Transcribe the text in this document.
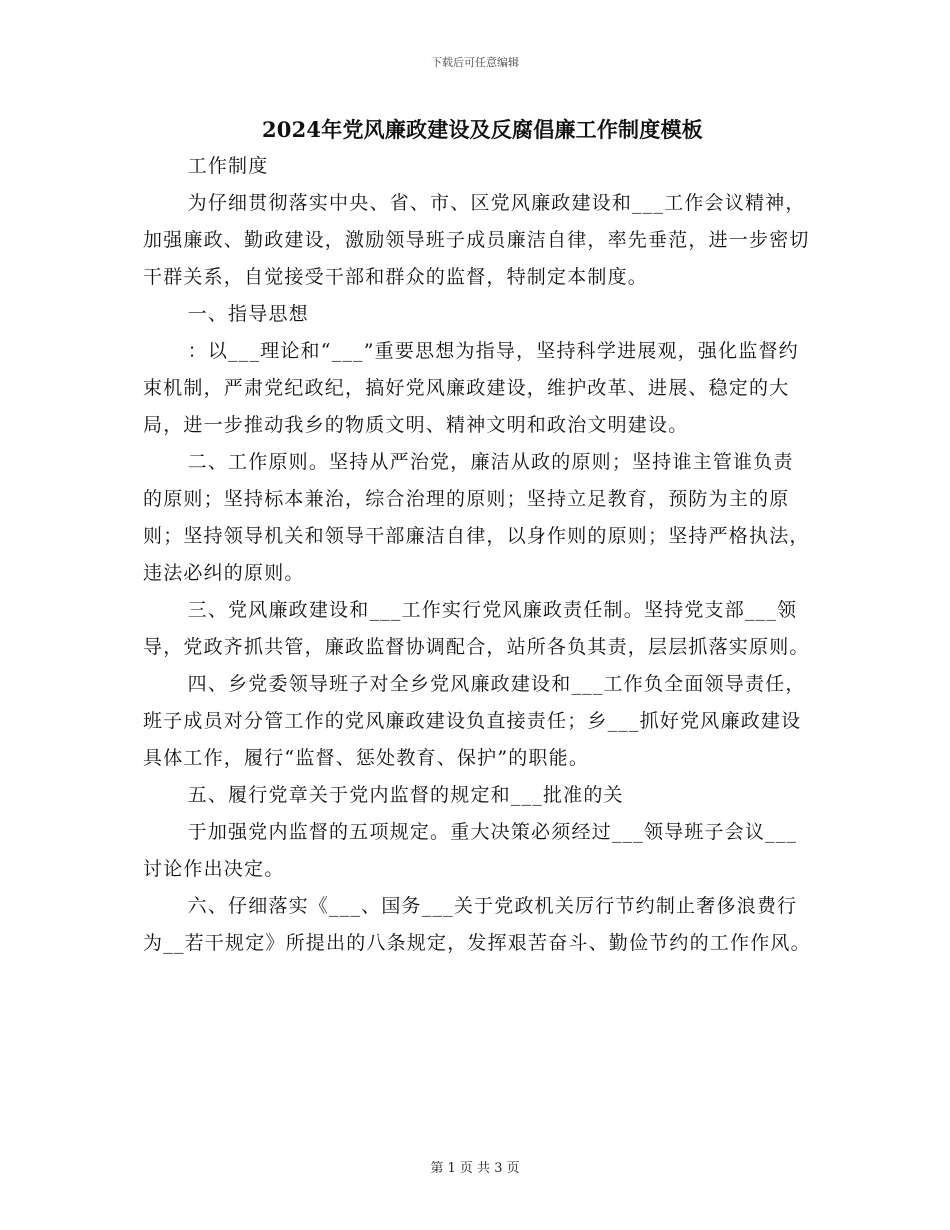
下载后可任意编辑
2024年党风廉政建设及反腐倡廉工作制度模板

工作制度

为仔细贯彻落实中央、省、市、区党风廉政建设和___工作会议精神，加强廉政、勤政建设，激励领导班子成员廉洁自律，率先垂范，进一步密切干群关系，自觉接受干部和群众的监督，特制定本制度。

一、指导思想

：以___理论和“___”重要思想为指导，坚持科学进展观，强化监督约束机制，严肃党纪政纪，搞好党风廉政建设，维护改革、进展、稳定的大局，进一步推动我乡的物质文明、精神文明和政治文明建设。

二、工作原则。坚持从严治党，廉洁从政的原则；坚持谁主管谁负责的原则；坚持标本兼治，综合治理的原则；坚持立足教育，预防为主的原则；坚持领导机关和领导干部廉洁自律，以身作则的原则；坚持严格执法，违法必纠的原则。

三、党风廉政建设和___工作实行党风廉政责任制。坚持党支部___领导，党政齐抓共管，廉政监督协调配合，站所各负其责，层层抓落实原则。

四、乡党委领导班子对全乡党风廉政建设和___工作负全面领导责任，班子成员对分管工作的党风廉政建设负直接责任；乡___抓好党风廉政建设具体工作，履行“监督、惩处教育、保护”的职能。

五、履行党章关于党内监督的规定和___批准的关

于加强党内监督的五项规定。重大决策必须经过___领导班子会议___讨论作出决定。

六、仔细落实《___、国务___关于党政机关厉行节约制止奢侈浪费行为__若干规定》所提出的八条规定，发挥艰苦奋斗、勤俭节约的工作作风。

第 1 页 共 3 页
